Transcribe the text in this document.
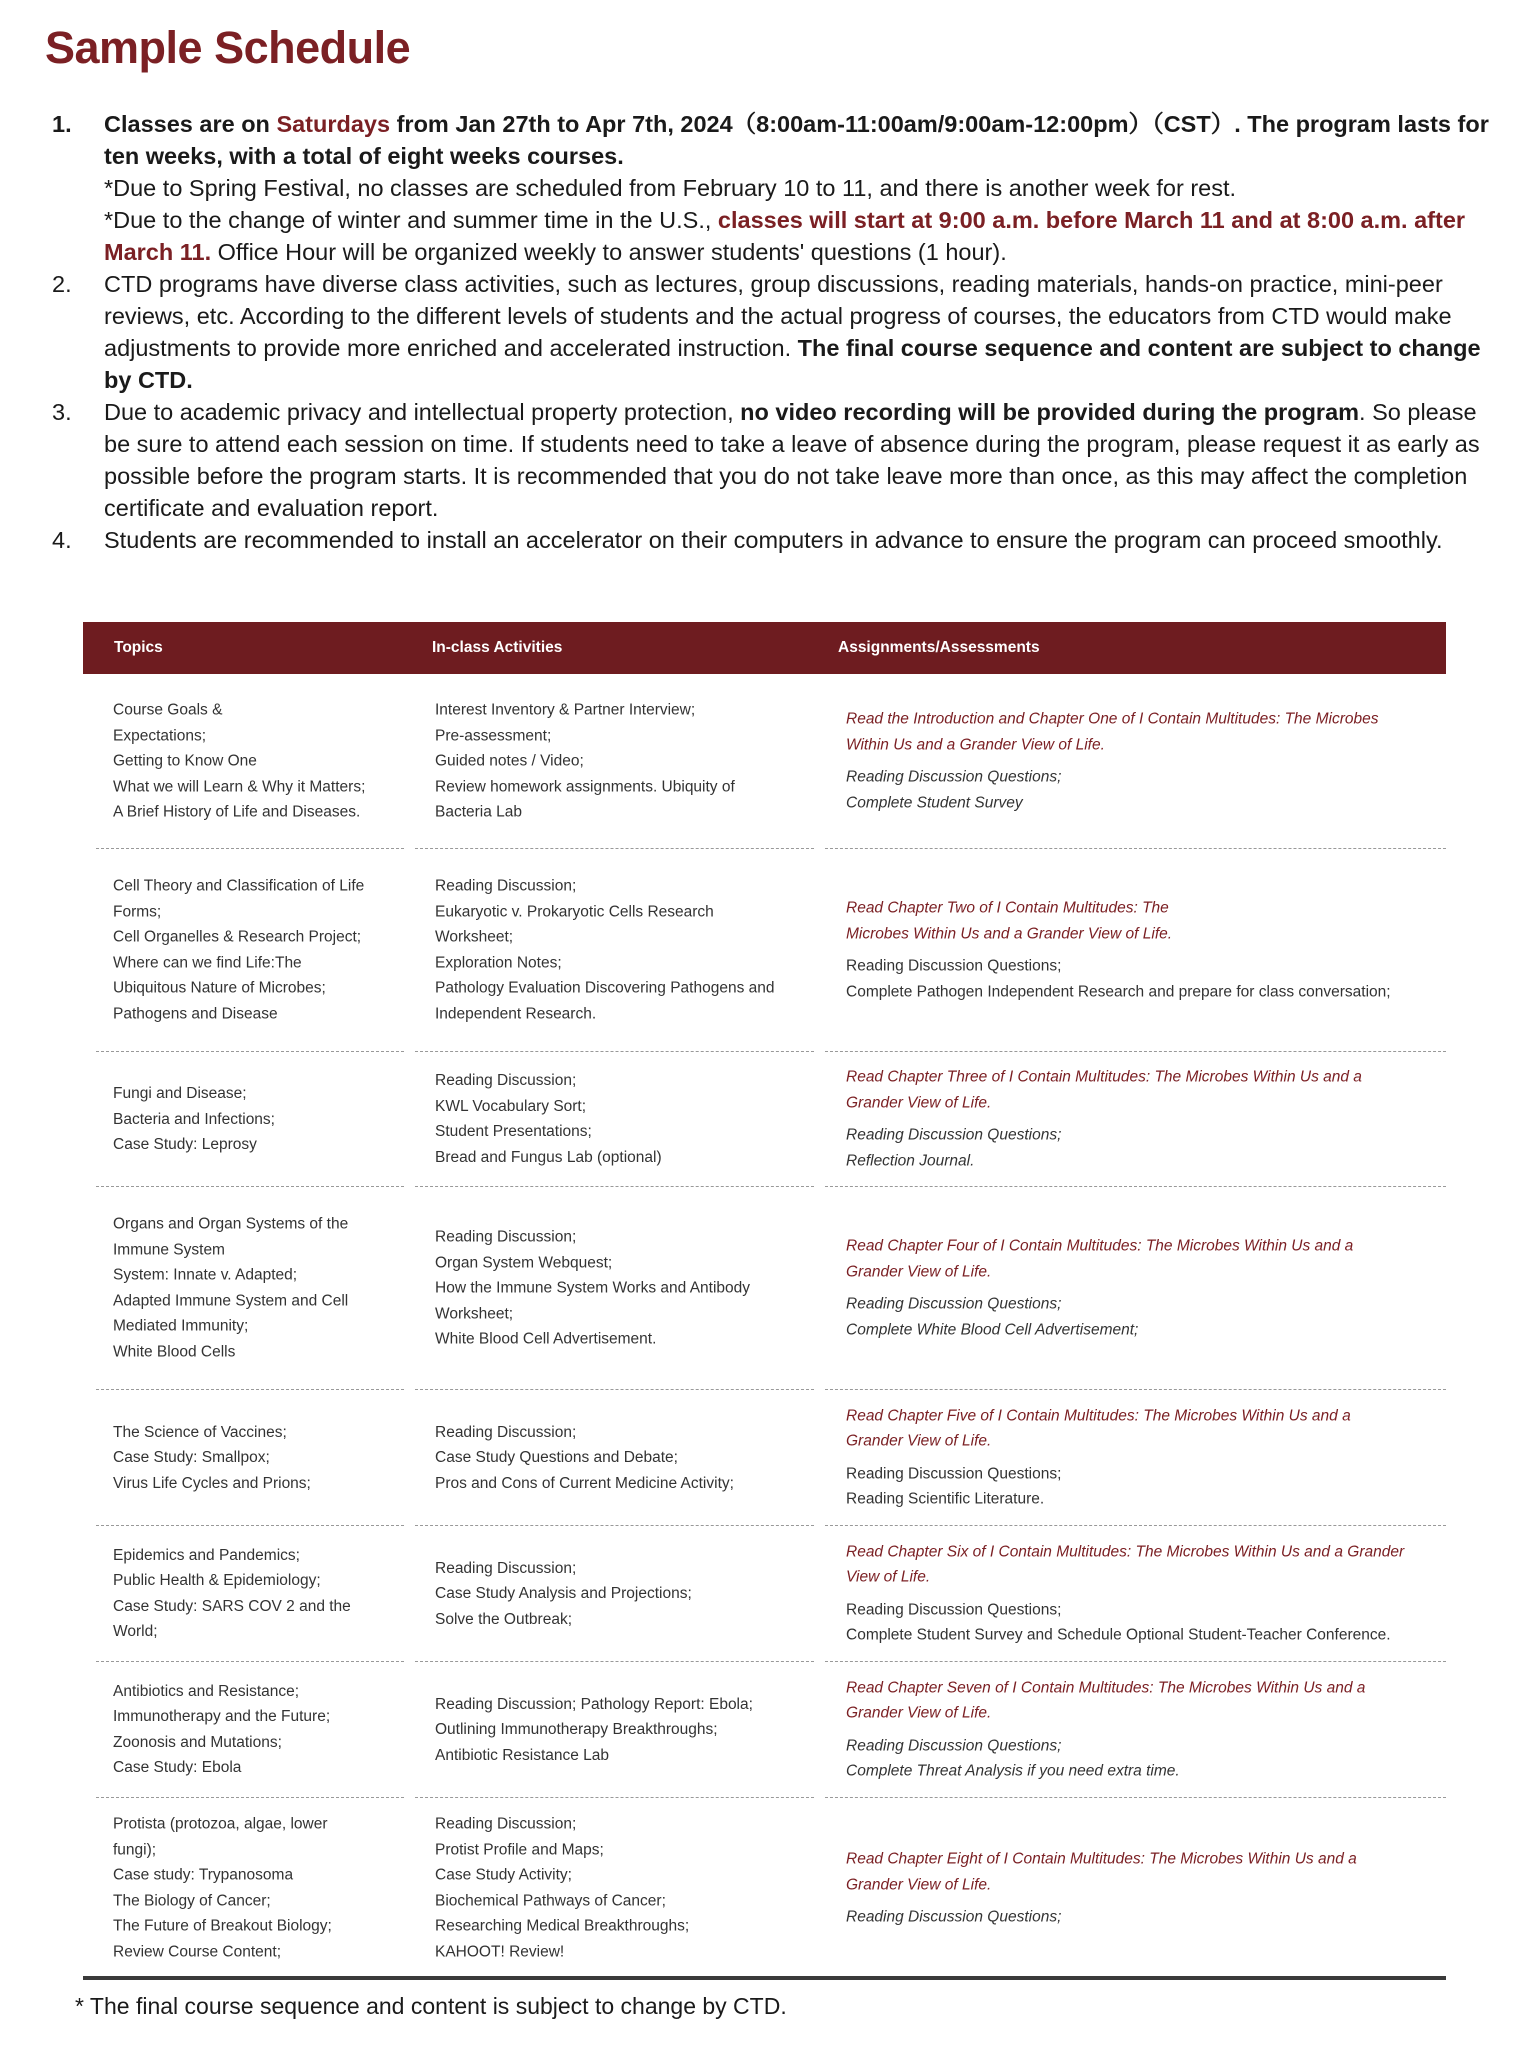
Sample Schedule
1. Classes are on Saturdays from Jan 27th to Apr 7th, 2024（8:00am-11:00am/9:00am-12:00pm）（CST）. The program lasts for ten weeks, with a total of eight weeks courses.
*Due to Spring Festival, no classes are scheduled from February 10 to 11, and there is another week for rest.
*Due to the change of winter and summer time in the U.S., classes will start at 9:00 a.m. before March 11 and at 8:00 a.m. after March 11. Office Hour will be organized weekly to answer students' questions (1 hour).
2. CTD programs have diverse class activities, such as lectures, group discussions, reading materials, hands-on practice, mini-peer reviews, etc. According to the different levels of students and the actual progress of courses, the educators from CTD would make adjustments to provide more enriched and accelerated instruction. The final course sequence and content are subject to change by CTD.
3. Due to academic privacy and intellectual property protection, no video recording will be provided during the program. So please be sure to attend each session on time. If students need to take a leave of absence during the program, please request it as early as possible before the program starts. It is recommended that you do not take leave more than once, as this may affect the completion certificate and evaluation report.
4. Students are recommended to install an accelerator on their computers in advance to ensure the program can proceed smoothly.
Topics	In-class Activities	Assignments/Assessments
Course Goals &
Expectations;
Getting to Know One
What we will Learn & Why it Matters;
A Brief History of Life and Diseases.
Interest Inventory & Partner Interview;
Pre-assessment;
Guided notes / Video;
Review homework assignments. Ubiquity of
Bacteria Lab
Read the Introduction and Chapter One of I Contain Multitudes: The Microbes
Within Us and a Grander View of Life.
Reading Discussion Questions;
Complete Student Survey
Cell Theory and Classification of Life
Forms;
Cell Organelles & Research Project;
Where can we find Life:The
Ubiquitous Nature of Microbes;
Pathogens and Disease
Reading Discussion;
Eukaryotic v. Prokaryotic Cells Research
Worksheet;
Exploration Notes;
Pathology Evaluation Discovering Pathogens and
Independent Research.
Read Chapter Two of I Contain Multitudes: The
Microbes Within Us and a Grander View of Life.
Reading Discussion Questions;
Complete Pathogen Independent Research and prepare for class conversation;
Fungi and Disease;
Bacteria and Infections;
Case Study: Leprosy
Reading Discussion;
KWL Vocabulary Sort;
Student Presentations;
Bread and Fungus Lab (optional)
Read Chapter Three of I Contain Multitudes: The Microbes Within Us and a
Grander View of Life.
Reading Discussion Questions;
Reflection Journal.
Organs and Organ Systems of the
Immune System
System: Innate v. Adapted;
Adapted Immune System and Cell
Mediated Immunity;
White Blood Cells
Reading Discussion;
Organ System Webquest;
How the Immune System Works and Antibody
Worksheet;
White Blood Cell Advertisement.
Read Chapter Four of I Contain Multitudes: The Microbes Within Us and a
Grander View of Life.
Reading Discussion Questions;
Complete White Blood Cell Advertisement;
The Science of Vaccines;
Case Study: Smallpox;
Virus Life Cycles and Prions;
Reading Discussion;
Case Study Questions and Debate;
Pros and Cons of Current Medicine Activity;
Read Chapter Five of I Contain Multitudes: The Microbes Within Us and a
Grander View of Life.
Reading Discussion Questions;
Reading Scientific Literature.
Epidemics and Pandemics;
Public Health & Epidemiology;
Case Study: SARS COV 2 and the
World;
Reading Discussion;
Case Study Analysis and Projections;
Solve the Outbreak;
Read Chapter Six of I Contain Multitudes: The Microbes Within Us and a Grander
View of Life.
Reading Discussion Questions;
Complete Student Survey and Schedule Optional Student-Teacher Conference.
Antibiotics and Resistance;
Immunotherapy and the Future;
Zoonosis and Mutations;
Case Study: Ebola
Reading Discussion; Pathology Report: Ebola;
Outlining Immunotherapy Breakthroughs;
Antibiotic Resistance Lab
Read Chapter Seven of I Contain Multitudes: The Microbes Within Us and a
Grander View of Life.
Reading Discussion Questions;
Complete Threat Analysis if you need extra time.
Protista (protozoa, algae, lower
fungi);
Case study: Trypanosoma
The Biology of Cancer;
The Future of Breakout Biology;
Review Course Content;
Reading Discussion;
Protist Profile and Maps;
Case Study Activity;
Biochemical Pathways of Cancer;
Researching Medical Breakthroughs;
KAHOOT! Review!
Read Chapter Eight of I Contain Multitudes: The Microbes Within Us and a
Grander View of Life.
Reading Discussion Questions;

* The final course sequence and content is subject to change by CTD.
